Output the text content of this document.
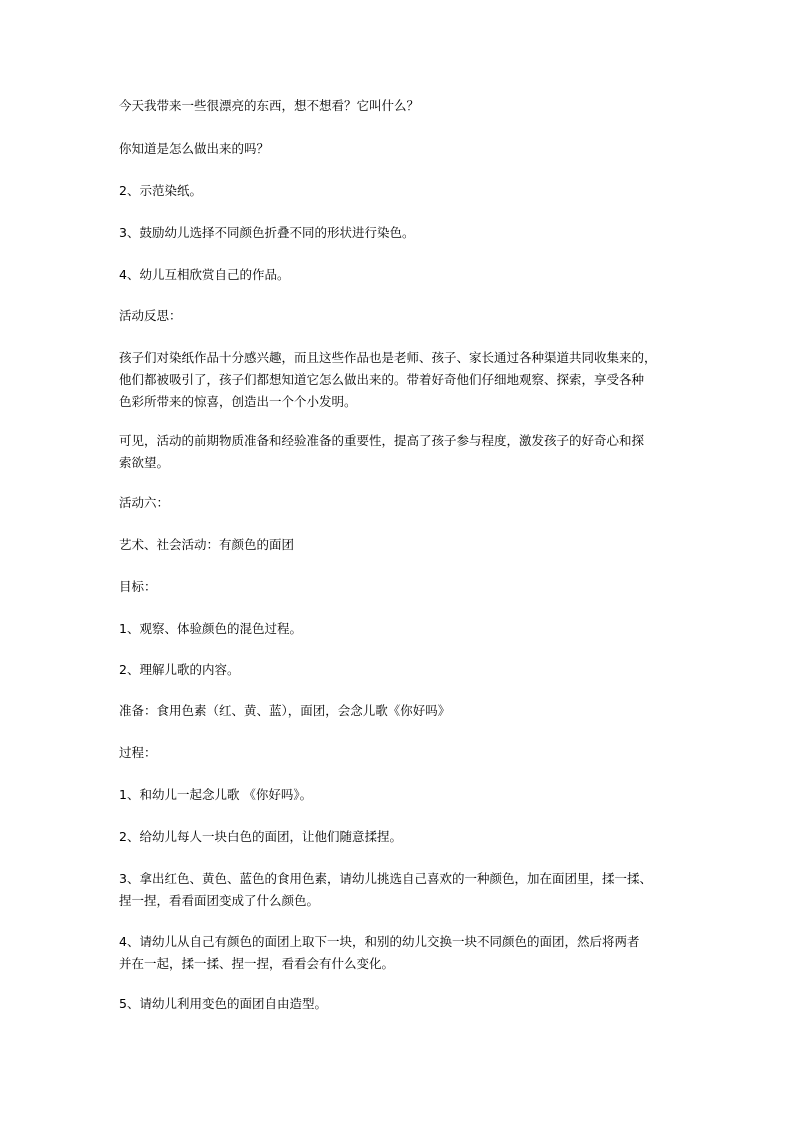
今天我带来一些很漂亮的东西，想不想看？它叫什么？

你知道是怎么做出来的吗？

2、示范染纸。

3、鼓励幼儿选择不同颜色折叠不同的形状进行染色。

4、幼儿互相欣赏自己的作品。

活动反思：

孩子们对染纸作品十分感兴趣，而且这些作品也是老师、孩子、家长通过各种渠道共同收集来的，
他们都被吸引了，孩子们都想知道它怎么做出来的。带着好奇他们仔细地观察、探索，享受各种
色彩所带来的惊喜，创造出一个个小发明。

可见，活动的前期物质准备和经验准备的重要性，提高了孩子参与程度，激发孩子的好奇心和探
索欲望。

活动六：

艺术、社会活动：有颜色的面团

目标：

1、观察、体验颜色的混色过程。

2、理解儿歌的内容。

准备：食用色素（红、黄、蓝），面团，会念儿歌《你好吗》

过程：

1、和幼儿一起念儿歌 《你好吗》。

2、给幼儿每人一块白色的面团，让他们随意揉捏。

3、拿出红色、黄色、蓝色的食用色素，请幼儿挑选自己喜欢的一种颜色，加在面团里，揉一揉、
捏一捏，看看面团变成了什么颜色。

4、请幼儿从自己有颜色的面团上取下一块，和别的幼儿交换一块不同颜色的面团，然后将两者
并在一起，揉一揉、捏一捏，看看会有什么变化。

5、请幼儿利用变色的面团自由造型。
